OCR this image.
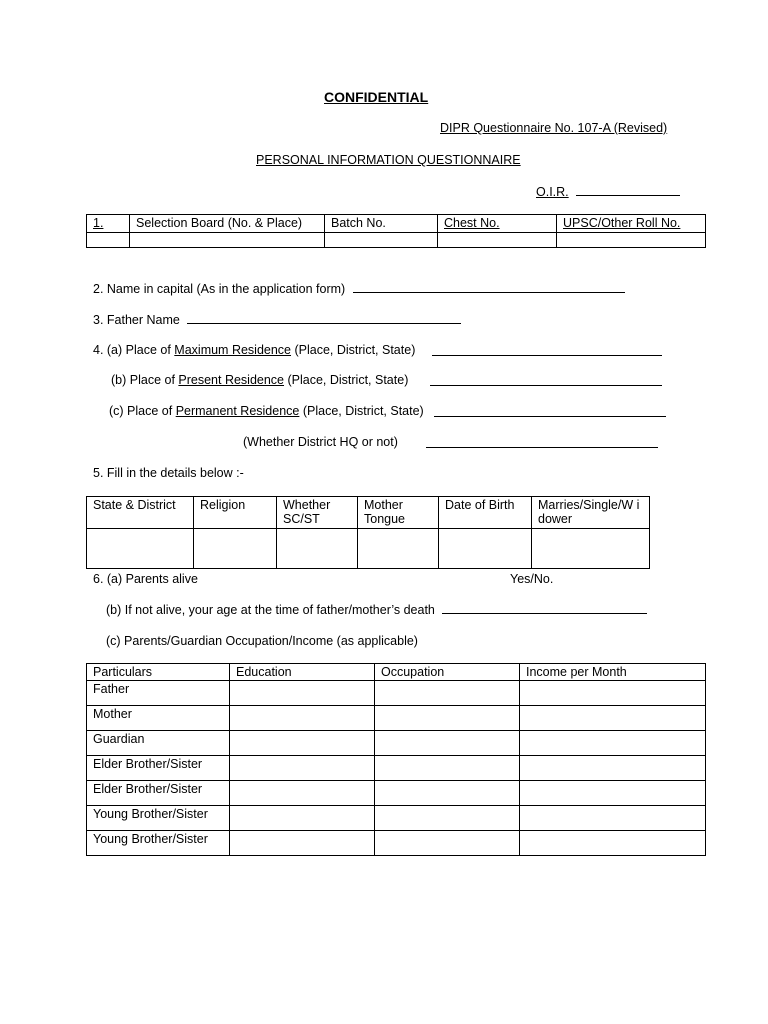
CONFIDENTIAL
DIPR Questionnaire No. 107-A (Revised)
PERSONAL INFORMATION QUESTIONNAIRE
O.I.R.
1.	Selection Board (No. & Place)	Batch No.	Chest No.	UPSC/Other Roll No.

2. Name in capital (As in the application form)
3. Father Name
4. (a) Place of Maximum Residence (Place, District, State)
(b) Place of Present Residence (Place, District, State)
(c) Place of Permanent Residence (Place, District, State)
(Whether District HQ or not)
5. Fill in the details below :-
State & District	Religion	Whether SC/ST	Mother Tongue	Date of Birth	Marries/Single/W idower

6. (a) Parents alive	Yes/No.
(b) If not alive, your age at the time of father/mother’s death
(c) Parents/Guardian Occupation/Income (as applicable)
Particulars	Education	Occupation	Income per Month
Father			
Mother			
Guardian			
Elder Brother/Sister			
Elder Brother/Sister			
Young Brother/Sister			
Young Brother/Sister			
